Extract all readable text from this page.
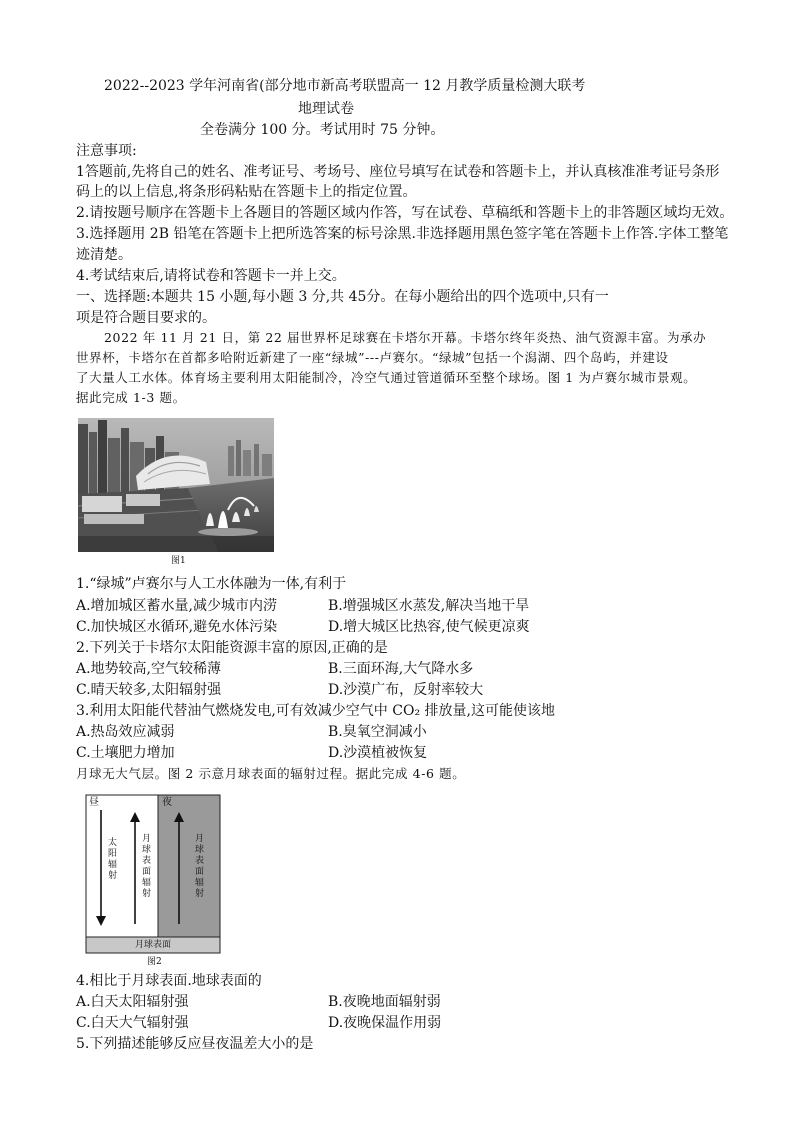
2022--2023 学年河南省(部分地市新高考联盟高一 12 月教学质量检测大联考
地理试卷
全卷满分 100 分。考试用时 75 分钟。
注意事项:
1答题前,先将自己的姓名、准考证号、考场号、座位号填写在试卷和答题卡上，并认真核准准考证号条形
码上的以上信息,将条形码粘贴在答题卡上的指定位置。
2.请按题号顺序在答题卡上各题目的答题区域内作答，写在试卷、草稿纸和答题卡上的非答题区域均无效。
3.选择题用 2B 铅笔在答题卡上把所选答案的标号涂黑.非选择题用黑色签字笔在答题卡上作答.字体工整笔
迹清楚。
4.考试结束后,请将试卷和答题卡一并上交。
一、选择题:本题共 15 小题,每小题 3 分,共 45分。在每小题给出的四个选项中,只有一
项是符合题目要求的。
2022 年 11 月 21 日，第 22 届世界杯足球赛在卡塔尔开幕。卡塔尔终年炎热、油气资源丰富。为承办
世界杯，卡塔尔在首都多哈附近新建了一座“绿城”---卢赛尔。“绿城”包括一个潟湖、四个岛屿，并建设
了大量人工水体。体育场主要利用太阳能制冷，冷空气通过管道循环至整个球场。图 1 为卢赛尔城市景观。
据此完成 1-3 题。
图1
1.“绿城”卢赛尔与人工水体融为一体,有利于
A.增加城区蓄水量,减少城市内涝	B.增强城区水蒸发,解决当地干旱
C.加快城区水循环,避免水体污染	D.增大城区比热容,使气候更凉爽
2.下列关于卡塔尔太阳能资源丰富的原因,正确的是
A.地势较高,空气较稀薄	B.三面环海,大气降水多
C.晴天较多,太阳辐射强	D.沙漠广布，反射率较大
3.利用太阳能代替油气燃烧发电,可有效减少空气中 CO₂ 排放量,这可能使该地
A.热岛效应减弱	B.臭氧空洞减小
C.土壤肥力增加	D.沙漠植被恢复
月球无大气层。图 2 示意月球表面的辐射过程。据此完成 4-6 题。
昼	夜
太阳辐射
月球表面辐射
月球表面辐射
月球表面
图2
4.相比于月球表面.地球表面的
A.白天太阳辐射强	B.夜晚地面辐射弱
C.白天大气辐射强	D.夜晚保温作用弱
5.下列描述能够反应昼夜温差大小的是
